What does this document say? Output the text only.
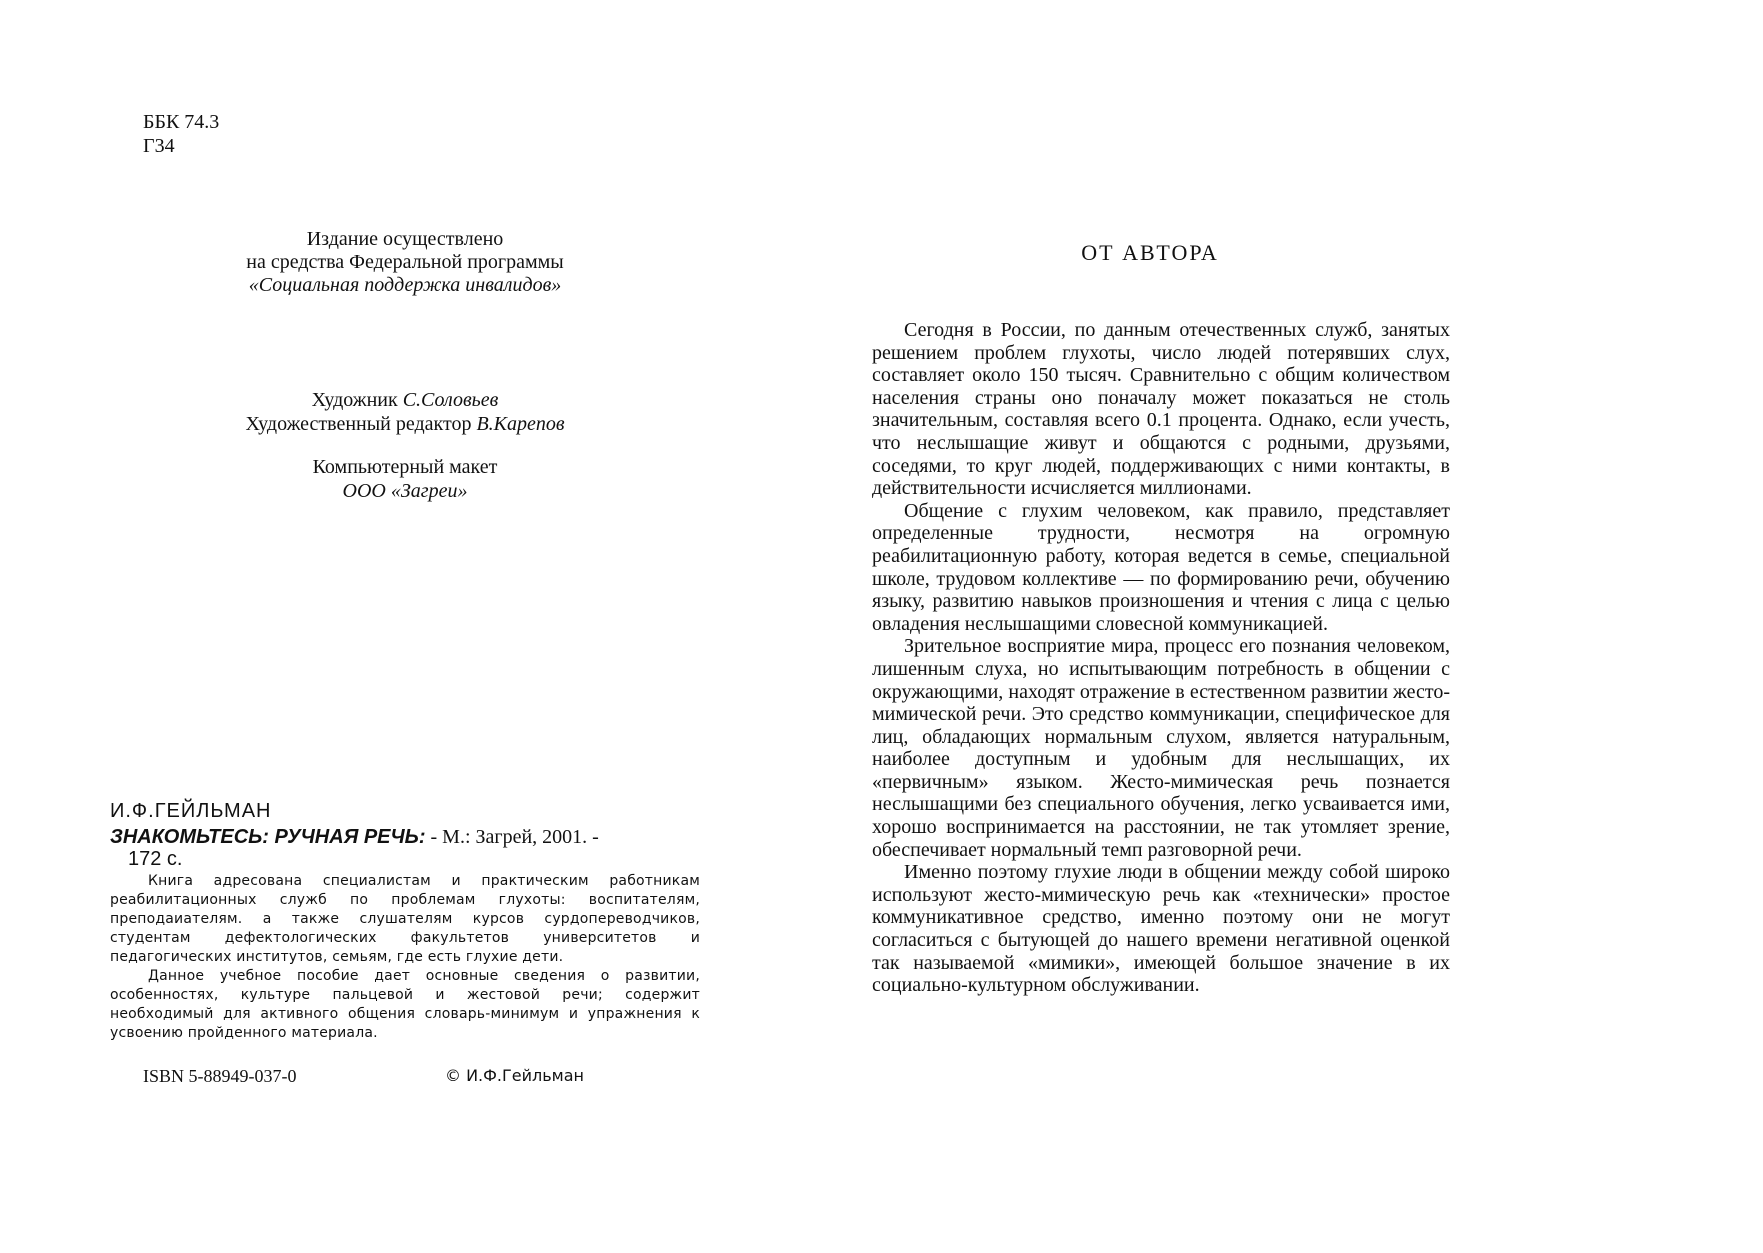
ББК 74.3
Г34
Издание осуществлено
на средства Федеральной программы
«Социальная поддержка инвалидов»
Художник С.Соловьев
Художественный редактор В.Карепов
Компьютерный макет
ООО «Загреи»
И.Ф.ГЕЙЛЬМАН
ЗНАКОМЬТЕСЬ: РУЧНАЯ РЕЧЬ: - М.: Загрей, 2001. -
172 с.

Книга адресована специалистам и практическим работникам реабилитационных служб по проблемам глухоты: воспитателям, преподаиателям. а также слушателям курсов сурдопереводчиков, студентам дефектологических факультетов университетов и педагогических институтов, семьям, где есть глухие дети.

Данное учебное пособие дает основные сведения о развитии, особенностях, культуре пальцевой и жестовой речи; содержит необходимый для активного общения словарь-минимум и упражнения к усвоению пройденного материала.

ISBN 5-88949-037-0	© И.Ф.Гейльман
ОТ АВТОРА

Сегодня в России, по данным отечественных служб, занятых решением проблем глухоты, число людей потерявших слух, составляет около 150 тысяч. Сравнительно с общим количеством населения страны оно поначалу может показаться не столь значительным, составляя всего 0.1 процента. Однако, если учесть, что неслышащие живут и общаются с родными, друзьями, соседями, то круг людей, поддерживающих с ними контакты, в действительности исчисляется миллионами.

Общение с глухим человеком, как правило, представляет определенные трудности, несмотря на огромную реабилитационную работу, которая ведется в семье, специальной школе, трудовом коллективе — по формированию речи, обучению языку, развитию навыков произношения и чтения с лица с целью овладения неслышащими словесной коммуникацией.

Зрительное восприятие мира, процесс его познания человеком, лишенным слуха, но испытывающим потребность в общении с окружающими, находят отражение в естественном развитии жесто-мимической речи. Это средство коммуникации, специфическое для лиц, обладающих нормальным слухом, является натуральным, наиболее доступным и удобным для неслышащих, их «первичным» языком. Жесто-мимическая речь познается неслышащими без специального обучения, легко усваивается ими, хорошо воспринимается на расстоянии, не так утомляет зрение, обеспечивает нормальный темп разговорной речи.

Именно поэтому глухие люди в общении между собой широко используют жесто-мимическую речь как «технически» простое коммуникативное средство, именно поэтому они не могут согласиться с бытующей до нашего времени негативной оценкой так называемой «мимики», имеющей большое значение в их социально-культурном обслуживании.
